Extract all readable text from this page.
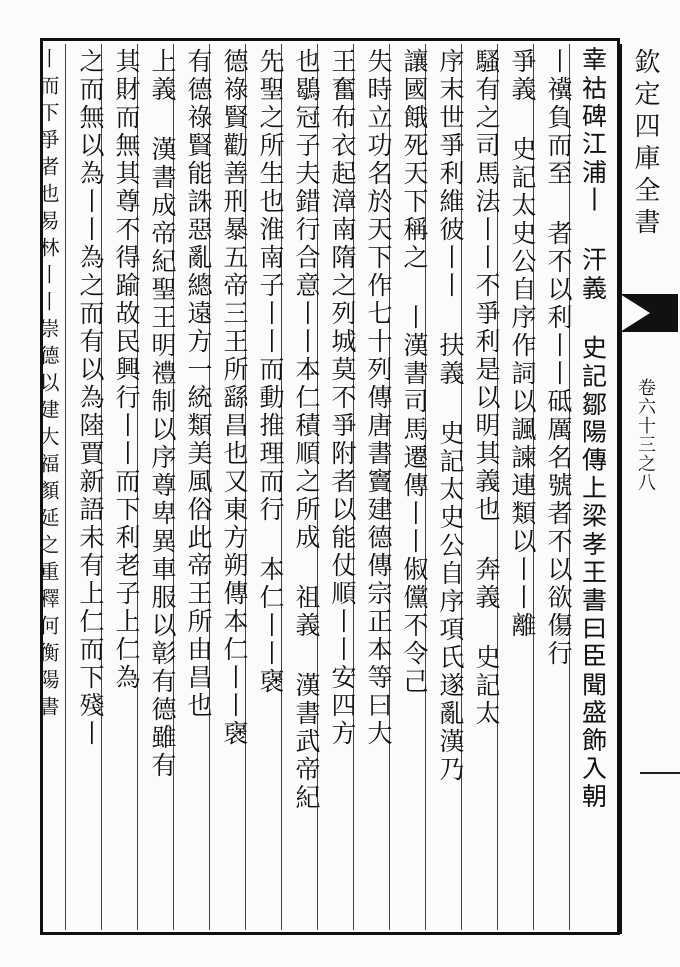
欽定四庫全書
卷六十三之八
𦍒祜碑江浦丨 汗義 史記鄒陽傳上梁孝王書曰臣聞盛飾入朝
丨𥜥負而至 者不以利丨丨砥厲名號者不以欲傷行
爭義 史記太史公自序作詞以諷諫連類以丨丨離
騷有之司馬法丨丨不爭利是以明其義也 奔義 史記太
序末世爭利維彼丨丨 扶義 史記太史公自序項氏遂亂漢乃
讓國餓死天下稱之 丨漢書司馬遷傳丨丨俶儻不令己
失時立功名於天下作七十列傳唐書竇建德傳宗正本等曰大
王奮布衣起漳南隋之列城莫不爭附者以能仗順丨丨安四方
也鶡冠子夫錯行合意丨丨本仁積順之所成 祖義 漢書武帝紀
先聖之所生也淮南子丨丨而動推理而行 本仁丨丨襃
德祿賢勸善刑暴五帝三王所繇昌也又東方朔傳本仁丨丨襃
有德祿賢能誅惡亂總遠方一統類美風俗此帝王所由昌也
上義 漢書成帝紀聖王明禮制以序尊卑異車服以彰有德雖有
其財而無其尊不得踰故民興行丨丨而下利老子上仁為
之而無以為丨丨為之而有以為陸賈新語未有上仁而下殘丨
丨而下爭者也易林丨丨崇德以建大福顏延之重釋何衡陽書
